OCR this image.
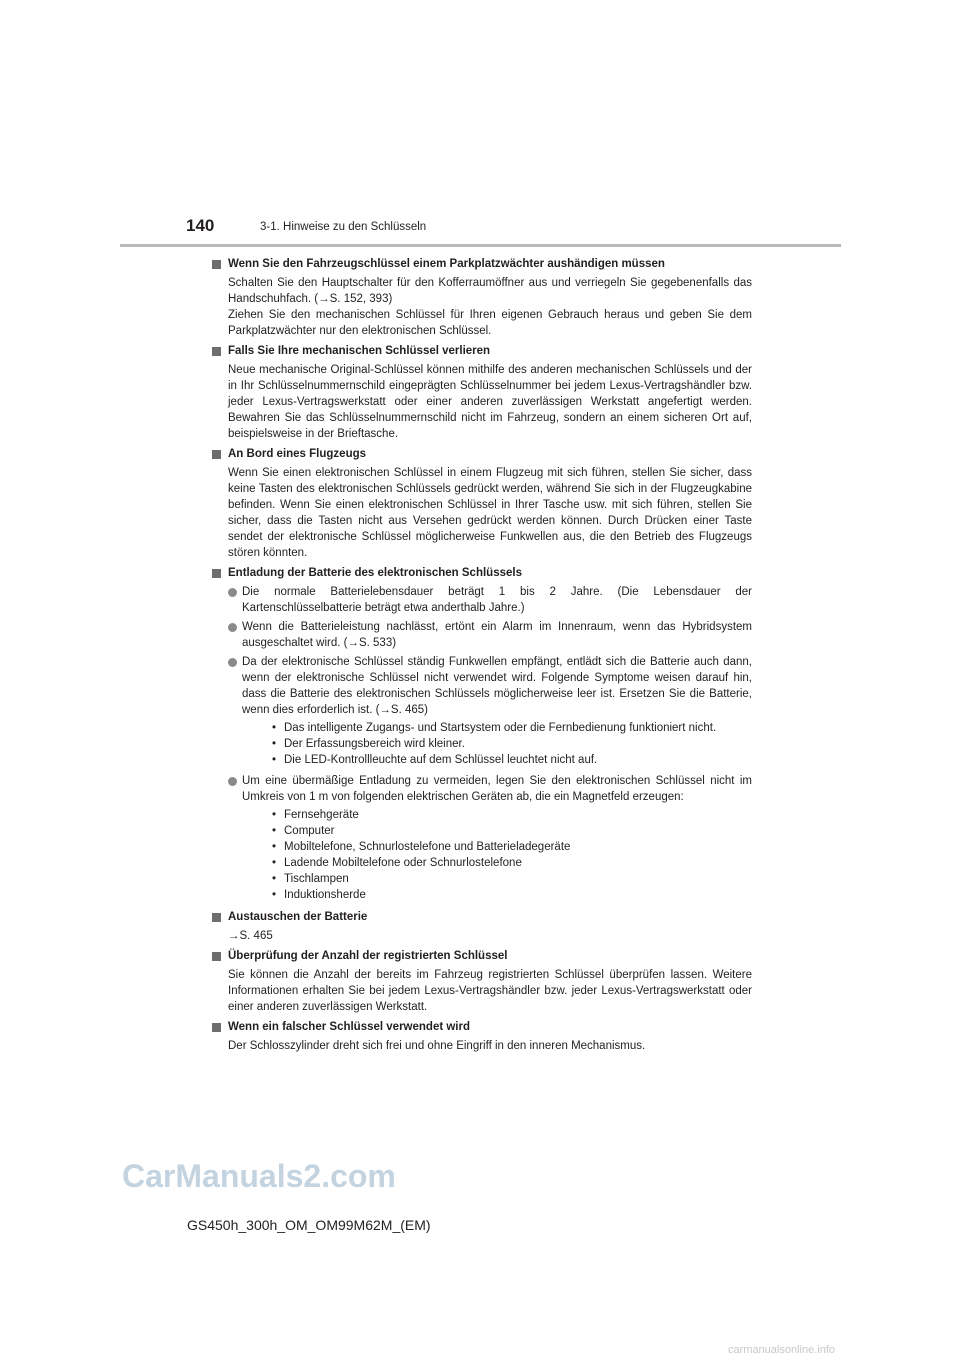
140	3-1. Hinweise zu den Schlüsseln
Wenn Sie den Fahrzeugschlüssel einem Parkplatzwächter aushändigen müssen
Schalten Sie den Hauptschalter für den Kofferraumöffner aus und verriegeln Sie gegebenenfalls das Handschuhfach. (→S. 152, 393)
Ziehen Sie den mechanischen Schlüssel für Ihren eigenen Gebrauch heraus und geben Sie dem Parkplatzwächter nur den elektronischen Schlüssel.
Falls Sie Ihre mechanischen Schlüssel verlieren
Neue mechanische Original-Schlüssel können mithilfe des anderen mechanischen Schlüssels und der in Ihr Schlüsselnummernschild eingeprägten Schlüsselnummer bei jedem Lexus-Vertragshändler bzw. jeder Lexus-Vertragswerkstatt oder einer anderen zuverlässigen Werkstatt angefertigt werden. Bewahren Sie das Schlüsselnummernschild nicht im Fahrzeug, sondern an einem sicheren Ort auf, beispielsweise in der Brieftasche.
An Bord eines Flugzeugs
Wenn Sie einen elektronischen Schlüssel in einem Flugzeug mit sich führen, stellen Sie sicher, dass keine Tasten des elektronischen Schlüssels gedrückt werden, während Sie sich in der Flugzeugkabine befinden. Wenn Sie einen elektronischen Schlüssel in Ihrer Tasche usw. mit sich führen, stellen Sie sicher, dass die Tasten nicht aus Versehen gedrückt werden können. Durch Drücken einer Taste sendet der elektronische Schlüssel möglicherweise Funkwellen aus, die den Betrieb des Flugzeugs stören könnten.
Entladung der Batterie des elektronischen Schlüssels
Die normale Batterielebensdauer beträgt 1 bis 2 Jahre. (Die Lebensdauer der Kartenschlüsselbatterie beträgt etwa anderthalb Jahre.)
Wenn die Batterieleistung nachlässt, ertönt ein Alarm im Innenraum, wenn das Hybridsystem ausgeschaltet wird. (→S. 533)
Da der elektronische Schlüssel ständig Funkwellen empfängt, entlädt sich die Batterie auch dann, wenn der elektronische Schlüssel nicht verwendet wird. Folgende Symptome weisen darauf hin, dass die Batterie des elektronischen Schlüssels möglicherweise leer ist. Ersetzen Sie die Batterie, wenn dies erforderlich ist. (→S. 465)
• Das intelligente Zugangs- und Startsystem oder die Fernbedienung funktioniert nicht.
• Der Erfassungsbereich wird kleiner.
• Die LED-Kontrollleuchte auf dem Schlüssel leuchtet nicht auf.
Um eine übermäßige Entladung zu vermeiden, legen Sie den elektronischen Schlüssel nicht im Umkreis von 1 m von folgenden elektrischen Geräten ab, die ein Magnetfeld erzeugen:
• Fernsehgeräte
• Computer
• Mobiltelefone, Schnurlostelefone und Batterieladegeräte
• Ladende Mobiltelefone oder Schnurlostelefone
• Tischlampen
• Induktionsherde
Austauschen der Batterie
→S. 465
Überprüfung der Anzahl der registrierten Schlüssel
Sie können die Anzahl der bereits im Fahrzeug registrierten Schlüssel überprüfen lassen. Weitere Informationen erhalten Sie bei jedem Lexus-Vertragshändler bzw. jeder Lexus-Vertragswerkstatt oder einer anderen zuverlässigen Werkstatt.
Wenn ein falscher Schlüssel verwendet wird
Der Schlosszylinder dreht sich frei und ohne Eingriff in den inneren Mechanismus.
CarManuals2.com
GS450h_300h_OM_OM99M62M_(EM)
carmanualsonline.info
